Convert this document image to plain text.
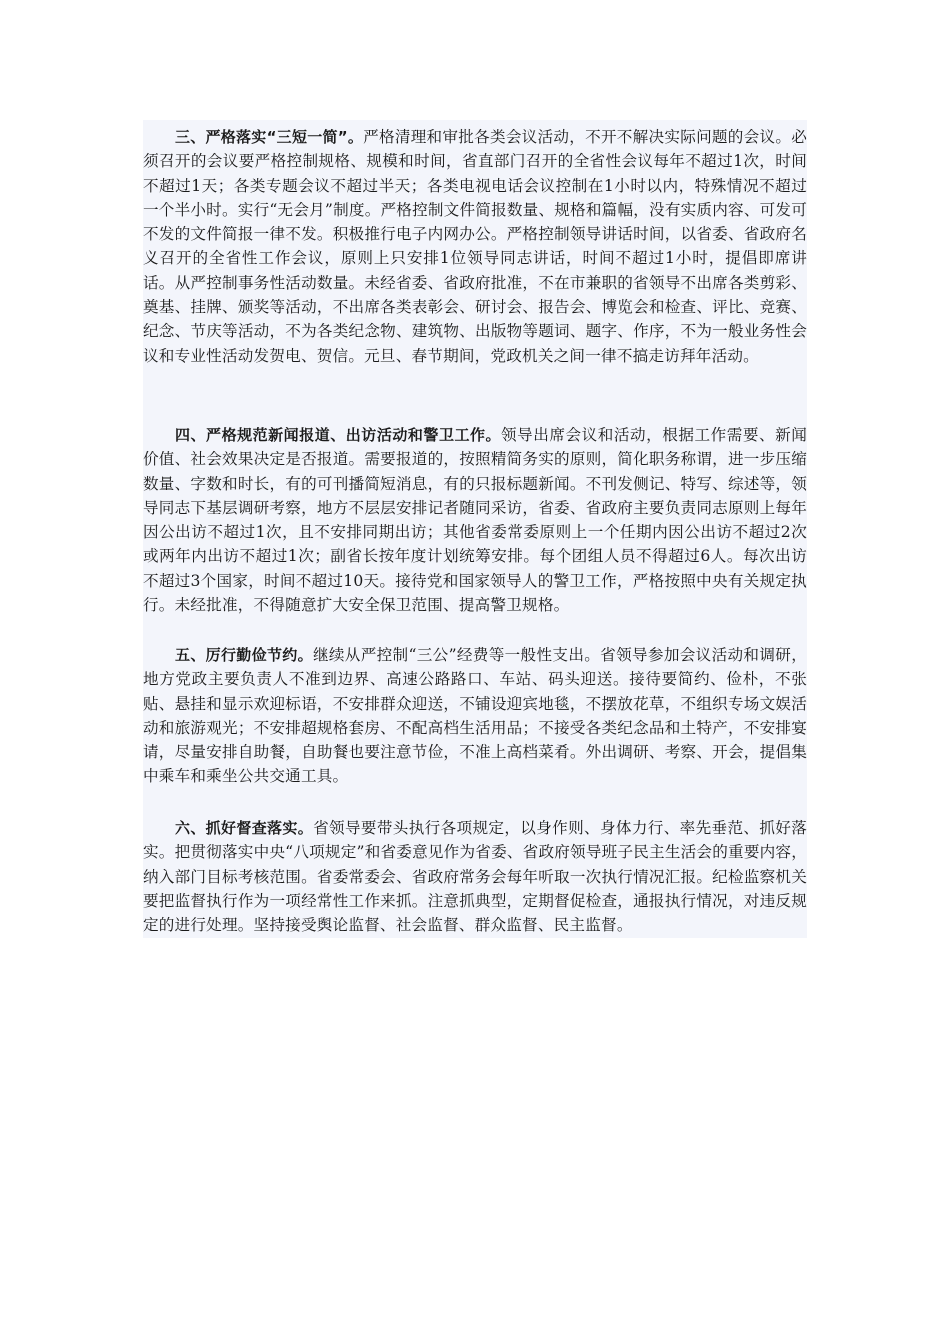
三、严格落实“三短一简”。严格清理和审批各类会议活动，不开不解决实际问题的会议。必须召开的会议要严格控制规格、规模和时间，省直部门召开的全省性会议每年不超过1次，时间不超过1天；各类专题会议不超过半天；各类电视电话会议控制在1小时以内，特殊情况不超过一个半小时。实行“无会月”制度。严格控制文件简报数量、规格和篇幅，没有实质内容、可发可不发的文件简报一律不发。积极推行电子内网办公。严格控制领导讲话时间，以省委、省政府名义召开的全省性工作会议，原则上只安排1位领导同志讲话，时间不超过1小时，提倡即席讲话。从严控制事务性活动数量。未经省委、省政府批准，不在市兼职的省领导不出席各类剪彩、奠基、挂牌、颁奖等活动，不出席各类表彰会、研讨会、报告会、博览会和检查、评比、竞赛、纪念、节庆等活动，不为各类纪念物、建筑物、出版物等题词、题字、作序，不为一般业务性会议和专业性活动发贺电、贺信。元旦、春节期间，党政机关之间一律不搞走访拜年活动。

四、严格规范新闻报道、出访活动和警卫工作。领导出席会议和活动，根据工作需要、新闻价值、社会效果决定是否报道。需要报道的，按照精简务实的原则，简化职务称谓，进一步压缩数量、字数和时长，有的可刊播简短消息，有的只报标题新闻。不刊发侧记、特写、综述等，领导同志下基层调研考察，地方不层层安排记者随同采访，省委、省政府主要负责同志原则上每年因公出访不超过1次，且不安排同期出访；其他省委常委原则上一个任期内因公出访不超过2次或两年内出访不超过1次；副省长按年度计划统筹安排。每个团组人员不得超过6人。每次出访不超过3个国家，时间不超过10天。接待党和国家领导人的警卫工作，严格按照中央有关规定执行。未经批准，不得随意扩大安全保卫范围、提高警卫规格。

五、厉行勤俭节约。继续从严控制“三公”经费等一般性支出。省领导参加会议活动和调研，地方党政主要负责人不准到边界、高速公路路口、车站、码头迎送。接待要简约、俭朴，不张贴、悬挂和显示欢迎标语，不安排群众迎送，不铺设迎宾地毯，不摆放花草，不组织专场文娱活动和旅游观光；不安排超规格套房、不配高档生活用品；不接受各类纪念品和土特产，不安排宴请，尽量安排自助餐，自助餐也要注意节俭，不准上高档菜肴。外出调研、考察、开会，提倡集中乘车和乘坐公共交通工具。

六、抓好督查落实。省领导要带头执行各项规定，以身作则、身体力行、率先垂范、抓好落实。把贯彻落实中央“八项规定”和省委意见作为省委、省政府领导班子民主生活会的重要内容，纳入部门目标考核范围。省委常委会、省政府常务会每年听取一次执行情况汇报。纪检监察机关要把监督执行作为一项经常性工作来抓。注意抓典型，定期督促检查，通报执行情况，对违反规定的进行处理。坚持接受舆论监督、社会监督、群众监督、民主监督。
